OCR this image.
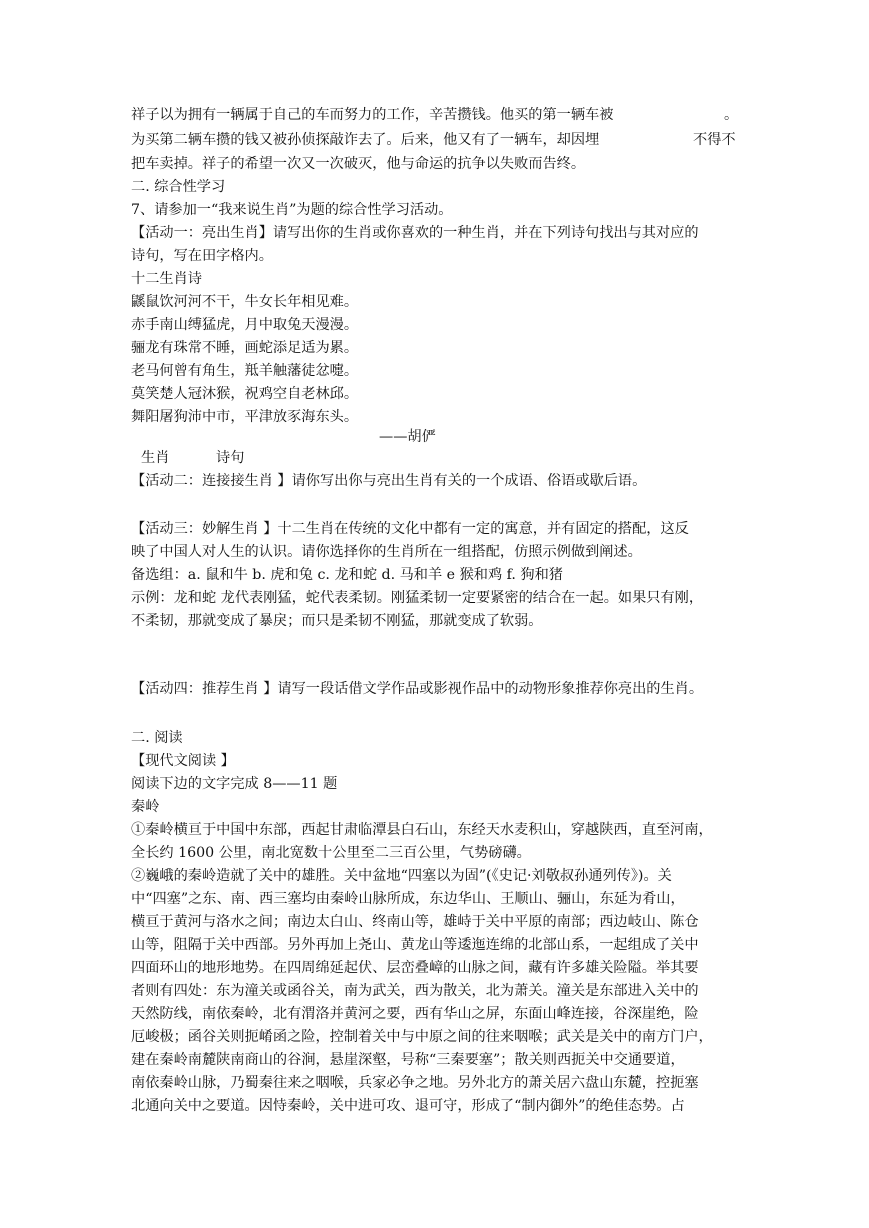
祥子以为拥有一辆属于自己的车而努力的工作，辛苦攒钱。他买的第一辆车被	。
为买第二辆车攒的钱又被孙侦探敲诈去了。后来，他又有了一辆车，却因埋	不得不
把车卖掉。祥子的希望一次又一次破灭，他与命运的抗争以失败而告终。
二. 综合性学习
7、请参加一“我来说生肖”为题的综合性学习活动。
【活动一：亮出生肖】请写出你的生肖或你喜欢的一种生肖，并在下列诗句找出与其对应的
诗句，写在田字格内。
十二生肖诗
鼷鼠饮河河不干，牛女长年相见难。
赤手南山缚猛虎，月中取兔天漫漫。
骊龙有珠常不睡，画蛇添足适为累。
老马何曾有角生，羝羊触藩徒忿嚏。
莫笑楚人冠沐猴，祝鸡空自老林邱。
舞阳屠狗沛中市，平津放豕海东头。
——胡俨
生肖	诗句
【活动二：连接接生肖 】请你写出你与亮出生肖有关的一个成语、俗语或歇后语。
【活动三：妙解生肖 】十二生肖在传统的文化中都有一定的寓意，并有固定的搭配，这反
映了中国人对人生的认识。请你选择你的生肖所在一组搭配，仿照示例做到阐述。
备选组：a. 鼠和牛 b. 虎和兔 c. 龙和蛇 d. 马和羊 e 猴和鸡 f. 狗和猪
示例：龙和蛇 龙代表刚猛，蛇代表柔韧。刚猛柔韧一定要紧密的结合在一起。如果只有刚，
不柔韧，那就变成了暴戾；而只是柔韧不刚猛，那就变成了软弱。
【活动四：推荐生肖 】请写一段话借文学作品或影视作品中的动物形象推荐你亮出的生肖。
二. 阅读
【现代文阅读 】
阅读下边的文字完成 8——11 题
秦岭
①秦岭横亘于中国中东部，西起甘肃临潭县白石山，东经天水麦积山，穿越陕西，直至河南，
全长约 1600 公里，南北宽数十公里至二三百公里，气势磅礴。
②巍峨的秦岭造就了关中的雄胜。关中盆地“四塞以为固”(《史记·刘敬叔孙通列传》)。关
中“四塞”之东、南、西三塞均由秦岭山脉所成，东边华山、王顺山、骊山，东延为肴山，
横亘于黄河与洛水之间；南边太白山、终南山等，雄峙于关中平原的南部；西边岐山、陈仓
山等，阻隔于关中西部。另外再加上尧山、黄龙山等逶迤连绵的北部山系，一起组成了关中
四面环山的地形地势。在四周绵延起伏、层峦叠嶂的山脉之间，藏有许多雄关险隘。举其要
者则有四处：东为潼关或函谷关，南为武关，西为散关，北为萧关。潼关是东部进入关中的
天然防线，南依秦岭，北有渭洛并黄河之要，西有华山之屏，东面山峰连接，谷深崖绝，险
厄峻极；函谷关则扼崤函之险，控制着关中与中原之间的往来咽喉；武关是关中的南方门户，
建在秦岭南麓陕南商山的谷涧，悬崖深壑，号称“三秦要塞”；散关则西扼关中交通要道，
南依秦岭山脉，乃蜀秦往来之咽喉，兵家必争之地。另外北方的萧关居六盘山东麓，控扼塞
北通向关中之要道。因恃秦岭，关中进可攻、退可守，形成了“制内御外”的绝佳态势。占
